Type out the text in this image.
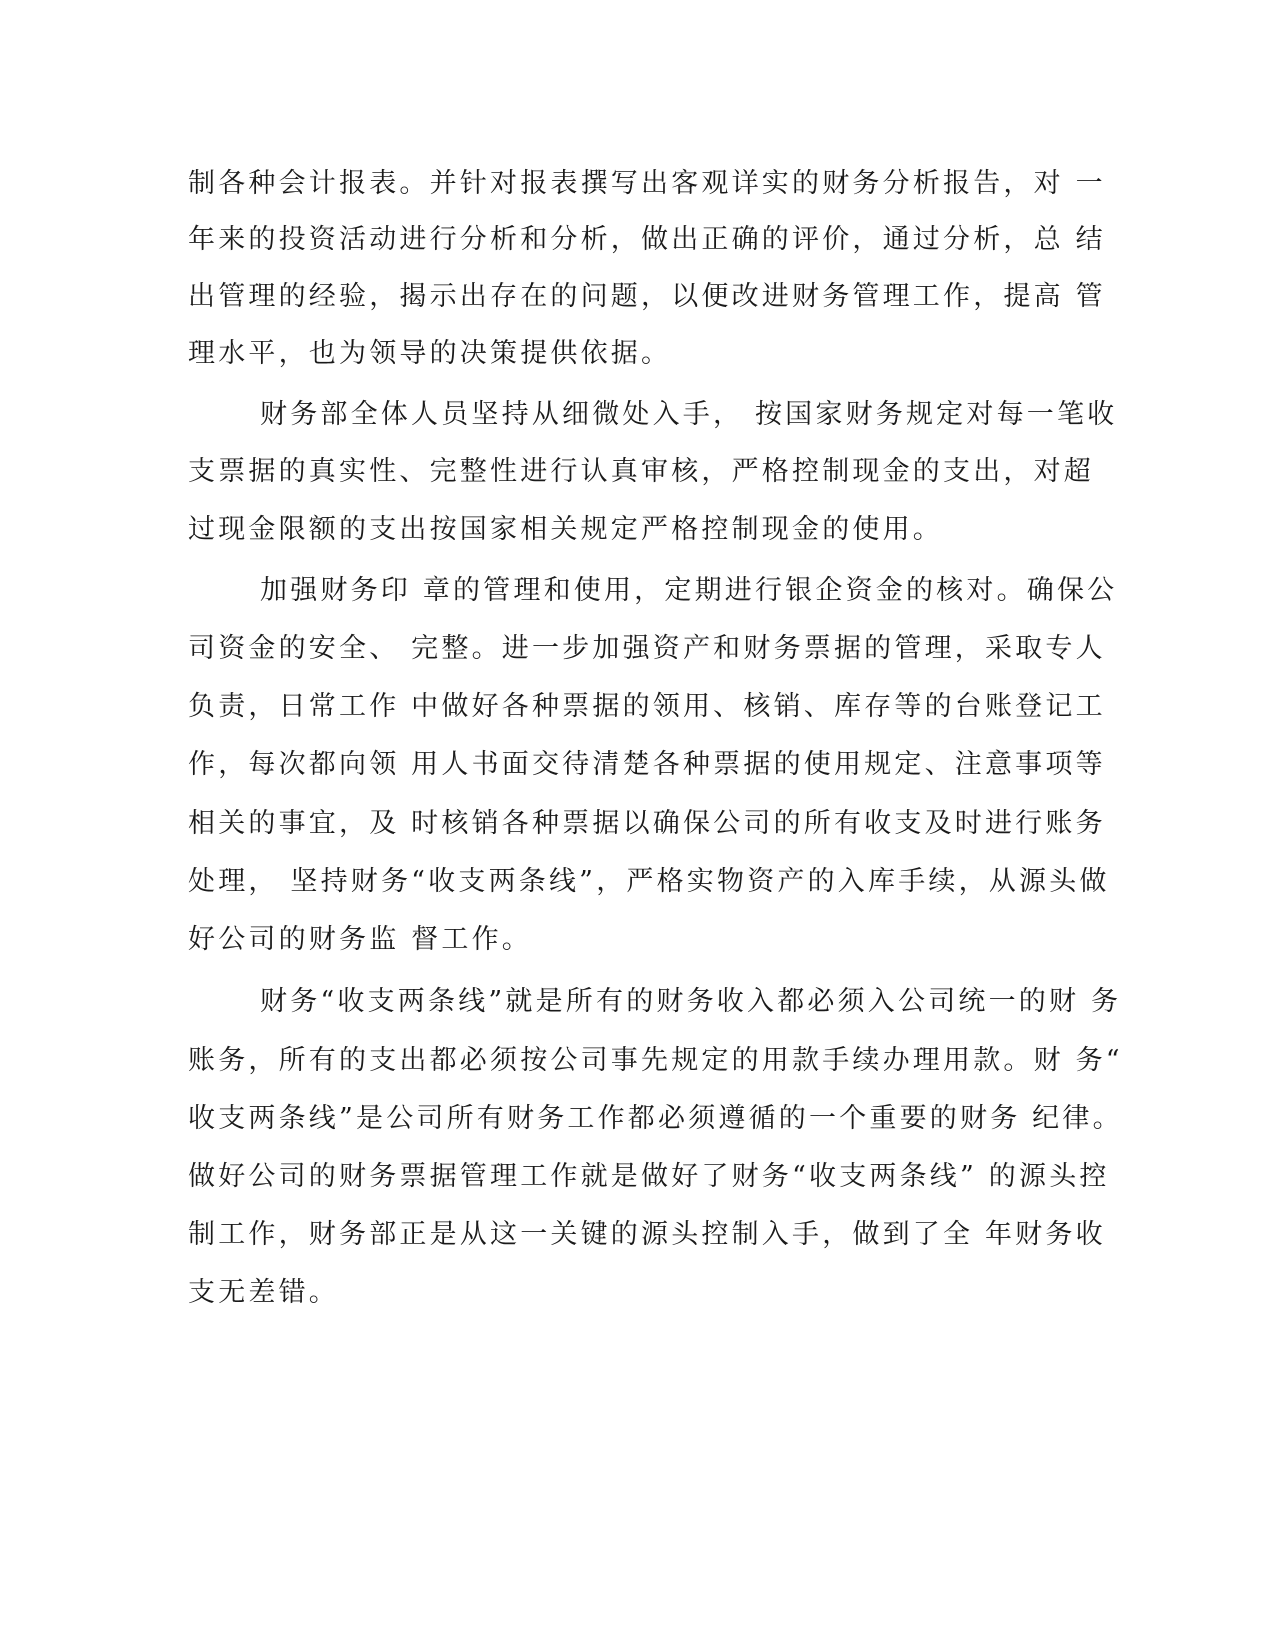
制各种会计报表。并针对报表撰写出客观详实的财务分析报告，对 一
年来的投资活动进行分析和分析，做出正确的评价，通过分析，总 结
出管理的经验，揭示出存在的问题，以便改进财务管理工作，提高 管
理水平，也为领导的决策提供依据。
财务部全体人员坚持从细微处入手， 按国家财务规定对每一笔收
支票据的真实性、完整性进行认真审核，严格控制现金的支出，对超
过现金限额的支出按国家相关规定严格控制现金的使用。
加强财务印 章的管理和使用，定期进行银企资金的核对。确保公
司资金的安全、 完整。进一步加强资产和财务票据的管理，采取专人
负责，日常工作 中做好各种票据的领用、核销、库存等的台账登记工
作，每次都向领 用人书面交待清楚各种票据的使用规定、注意事项等
相关的事宜，及 时核销各种票据以确保公司的所有收支及时进行账务
处理， 坚持财务“收支两条线”，严格实物资产的入库手续，从源头做
好公司的财务监 督工作。
财务“收支两条线”就是所有的财务收入都必须入公司统一的财 务
账务，所有的支出都必须按公司事先规定的用款手续办理用款。财 务“
收支两条线”是公司所有财务工作都必须遵循的一个重要的财务 纪律。
做好公司的财务票据管理工作就是做好了财务“收支两条线” 的源头控
制工作，财务部正是从这一关键的源头控制入手，做到了全 年财务收
支无差错。
